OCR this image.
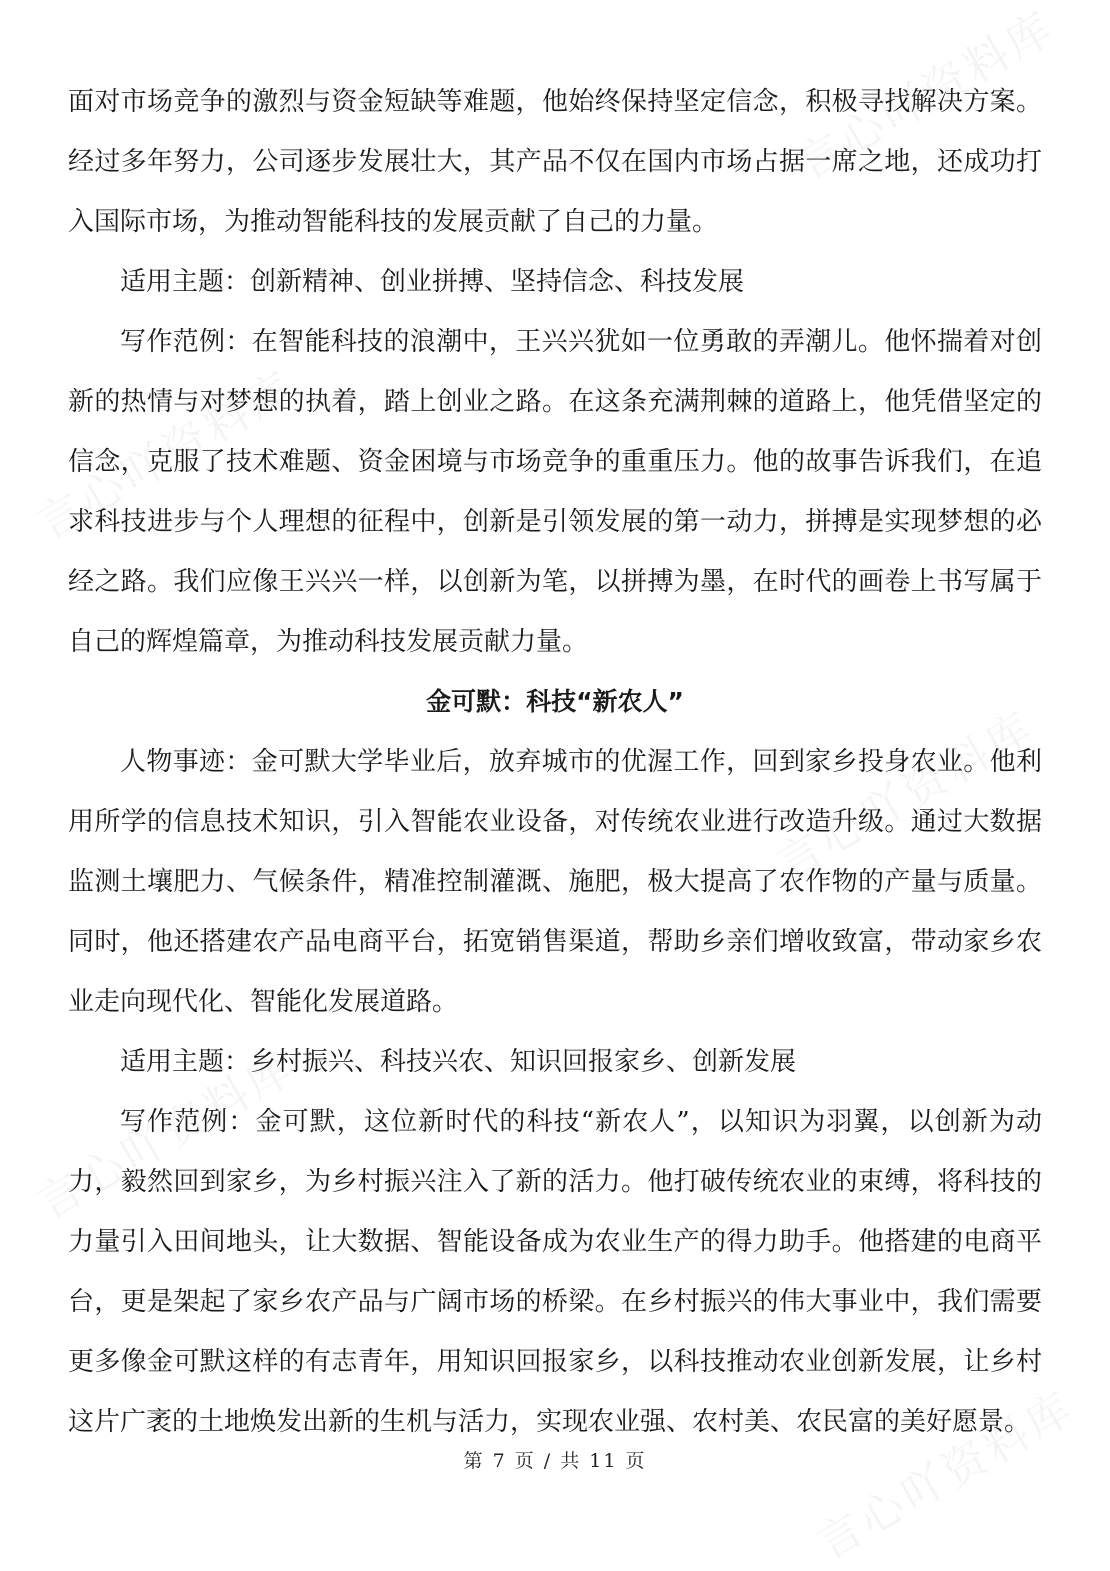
面对市场竞争的激烈与资金短缺等难题，他始终保持坚定信念，积极寻找解决方案。经过多年努力，公司逐步发展壮大，其产品不仅在国内市场占据一席之地，还成功打入国际市场，为推动智能科技的发展贡献了自己的力量。

适用主题：创新精神、创业拼搏、坚持信念、科技发展

写作范例：在智能科技的浪潮中，王兴兴犹如一位勇敢的弄潮儿。他怀揣着对创新的热情与对梦想的执着，踏上创业之路。在这条充满荆棘的道路上，他凭借坚定的信念，克服了技术难题、资金困境与市场竞争的重重压力。他的故事告诉我们，在追求科技进步与个人理想的征程中，创新是引领发展的第一动力，拼搏是实现梦想的必经之路。我们应像王兴兴一样，以创新为笔，以拼搏为墨，在时代的画卷上书写属于自己的辉煌篇章，为推动科技发展贡献力量。

金可默：科技“新农人”

人物事迹：金可默大学毕业后，放弃城市的优渥工作，回到家乡投身农业。他利用所学的信息技术知识，引入智能农业设备，对传统农业进行改造升级。通过大数据监测土壤肥力、气候条件，精准控制灌溉、施肥，极大提高了农作物的产量与质量。同时，他还搭建农产品电商平台，拓宽销售渠道，帮助乡亲们增收致富，带动家乡农业走向现代化、智能化发展道路。

适用主题：乡村振兴、科技兴农、知识回报家乡、创新发展

写作范例：金可默，这位新时代的科技“新农人”，以知识为羽翼，以创新为动力，毅然回到家乡，为乡村振兴注入了新的活力。他打破传统农业的束缚，将科技的力量引入田间地头，让大数据、智能设备成为农业生产的得力助手。他搭建的电商平台，更是架起了家乡农产品与广阔市场的桥梁。在乡村振兴的伟大事业中，我们需要更多像金可默这样的有志青年，用知识回报家乡，以科技推动农业创新发展，让乡村这片广袤的土地焕发出新的生机与活力，实现农业强、农村美、农民富的美好愿景。

第 7 页 / 共 11 页
